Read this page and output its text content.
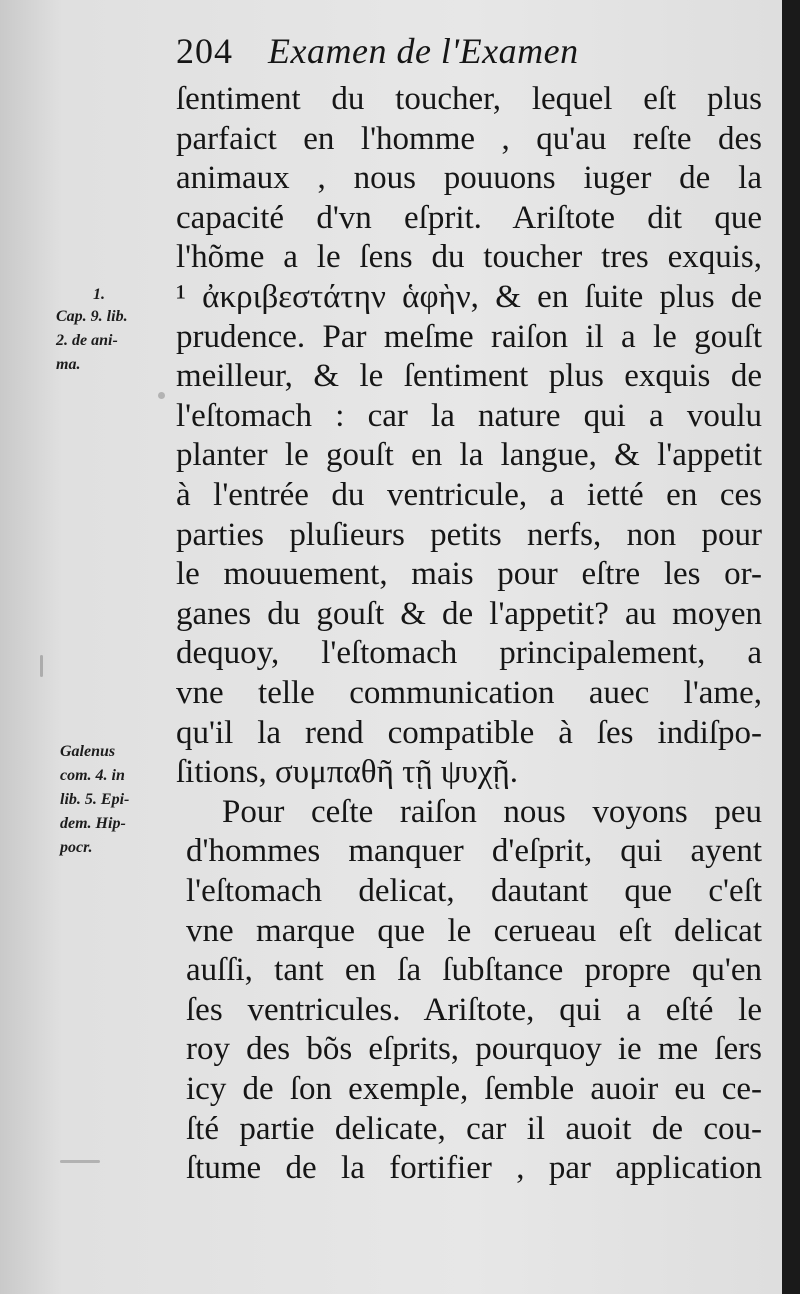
204 Examen de l'Examen
ſentiment du toucher, lequel eſt plus
parfaict en l'homme , qu'au reſte des
animaux , nous pouuons iuger de la
capacité d'vn eſprit. Ariſtote dit que
l'hõme a le ſens du toucher tres exquis,
¹ ἀκριβεστάτην ἁφὴν, & en ſuite plus de
prudence. Par meſme raiſon il a le gouſt
meilleur, & le ſentiment plus exquis de
l'eſtomach : car la nature qui a voulu
planter le gouſt en la langue, & l'appetit
à l'entrée du ventricule, a ietté en ces
parties pluſieurs petits nerfs, non pour
le mouuement, mais pour eſtre les or-
ganes du gouſt & de l'appetit? au moyen
dequoy, l'eſtomach principalement, a
vne telle communication auec l'ame,
qu'il la rend compatible à ſes indiſpo-
ſitions, συμπαθῆ τῇ ψυχῇ.
Pour ceſte raiſon nous voyons peu
d'hommes manquer d'eſprit, qui ayent
l'eſtomach delicat, dautant que c'eſt
vne marque que le cerueau eſt delicat
auſſi, tant en ſa ſubſtance propre qu'en
ſes ventricules. Ariſtote, qui a eſté le
roy des bõs eſprits, pourquoy ie me ſers
icy de ſon exemple, ſemble auoir eu ce-
ſté partie delicate, car il auoit de cou-
ſtume de la fortifier , par application
1.
Cap. 9. lib.
2. de ani-
ma.
Galenus
com. 4. in
lib. 5. Epi-
dem. Hip-
pocr.
